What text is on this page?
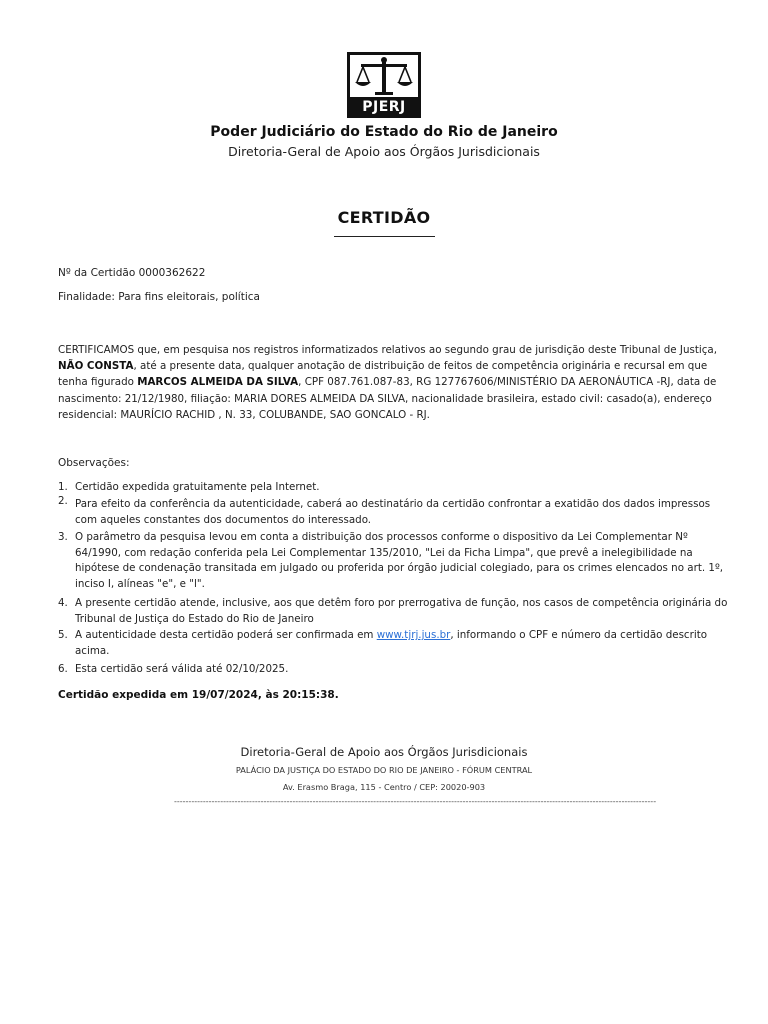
PJERJ
Poder Judiciário do Estado do Rio de Janeiro
Diretoria-Geral de Apoio aos Órgãos Jurisdicionais
CERTIDÃO
Nº da Certidão 0000362622
Finalidade: Para fins eleitorais, política
CERTIFICAMOS que, em pesquisa nos registros informatizados relativos ao segundo grau de jurisdição deste Tribunal de Justiça, NÃO CONSTA, até a presente data, qualquer anotação de distribuição de feitos de competência originária e recursal em que tenha figurado MARCOS ALMEIDA DA SILVA, CPF 087.761.087-83, RG 127767606/MINISTÉRIO DA AERONÁUTICA -RJ, data de nascimento: 21/12/1980, filiação: MARIA DORES ALMEIDA DA SILVA, nacionalidade brasileira, estado civil: casado(a), endereço residencial: MAURÍCIO RACHID , N. 33, COLUBANDE, SAO GONCALO - RJ.
Observações:
1. Certidão expedida gratuitamente pela Internet.
2. Para efeito da conferência da autenticidade, caberá ao destinatário da certidão confrontar a exatidão dos dados impressos com aqueles constantes dos documentos do interessado.
3. O parâmetro da pesquisa levou em conta a distribuição dos processos conforme o dispositivo da Lei Complementar Nº 64/1990, com redação conferida pela Lei Complementar 135/2010, "Lei da Ficha Limpa", que prevê a inelegibilidade na hipótese de condenação transitada em julgado ou proferida por órgão judicial colegiado, para os crimes elencados no art. 1º, inciso I, alíneas "e", e "l".
4. A presente certidão atende, inclusive, aos que detêm foro por prerrogativa de função, nos casos de competência originária do Tribunal de Justiça do Estado do Rio de Janeiro
5. A autenticidade desta certidão poderá ser confirmada em www.tjrj.jus.br, informando o CPF e número da certidão descrito acima.
6. Esta certidão será válida até 02/10/2025.
Certidão expedida em 19/07/2024, às 20:15:38.
Diretoria-Geral de Apoio aos Órgãos Jurisdicionais
PALÁCIO DA JUSTIÇA DO ESTADO DO RIO DE JANEIRO - FÓRUM CENTRAL
Av. Erasmo Braga, 115 - Centro / CEP: 20020-903
-----------------------------------------------------------------------------------------------------------------------------------------------------------------------
